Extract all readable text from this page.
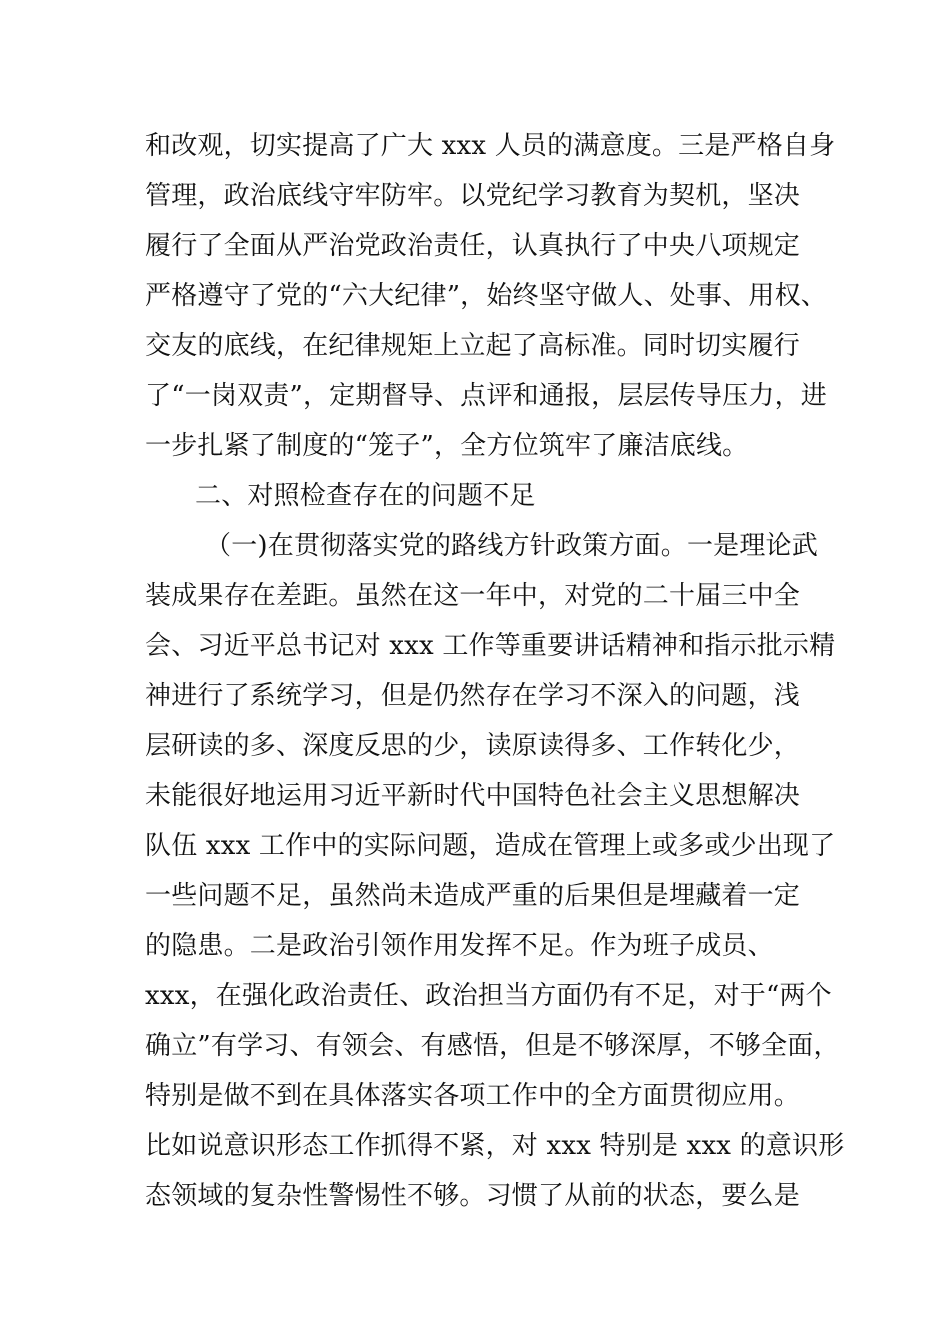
和改观，切实提高了广大 xxx 人员的满意度。三是严格自身
管理，政治底线守牢防牢。以党纪学习教育为契机，坚决
履行了全面从严治党政治责任，认真执行了中央八项规定
严格遵守了党的“六大纪律”，始终坚守做人、处事、用权、
交友的底线，在纪律规矩上立起了高标准。同时切实履行
了“一岗双责”，定期督导、点评和通报，层层传导压力，进
一步扎紧了制度的“笼子”，全方位筑牢了廉洁底线。
二、对照检查存在的问题不足
（一)在贯彻落实党的路线方针政策方面。一是理论武
装成果存在差距。虽然在这一年中，对党的二十届三中全
会、习近平总书记对 xxx 工作等重要讲话精神和指示批示精
神进行了系统学习，但是仍然存在学习不深入的问题，浅
层研读的多、深度反思的少，读原读得多、工作转化少，
未能很好地运用习近平新时代中国特色社会主义思想解决
队伍 xxx 工作中的实际问题，造成在管理上或多或少出现了
一些问题不足，虽然尚未造成严重的后果但是埋藏着一定
的隐患。二是政治引领作用发挥不足。作为班子成员、
xxx，在强化政治责任、政治担当方面仍有不足，对于“两个
确立”有学习、有领会、有感悟，但是不够深厚，不够全面，
特别是做不到在具体落实各项工作中的全方面贯彻应用。
比如说意识形态工作抓得不紧，对 xxx 特别是 xxx 的意识形
态领域的复杂性警惕性不够。习惯了从前的状态，要么是
